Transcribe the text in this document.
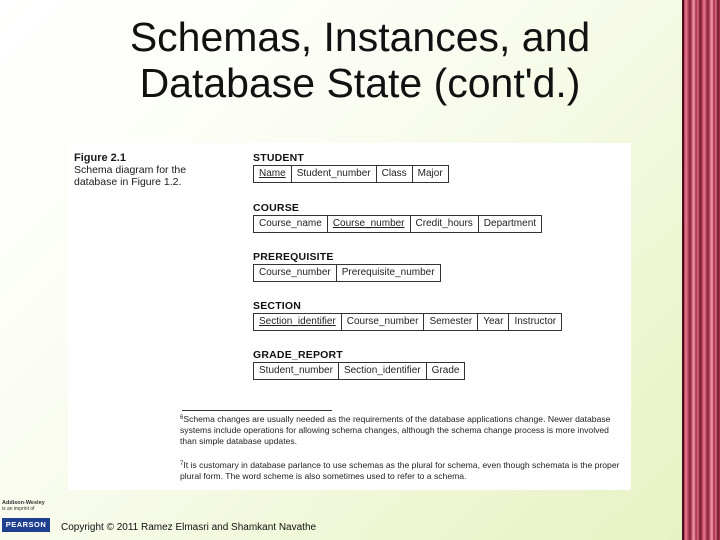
Schemas, Instances, and
Database State (cont'd.)
Figure 2.1
Schema diagram for the
database in Figure 1.2.
STUDENT
Name	Student_number	Class	Major
COURSE
Course_name	Course_number	Credit_hours	Department
PREREQUISITE
Course_number	Prerequisite_number
SECTION
Section_identifier	Course_number	Semester	Year	Instructor
GRADE_REPORT
Student_number	Section_identifier	Grade
$^6$Schema changes are usually needed as the requirements of the database applications change. Newer database systems include operations for allowing schema changes, although the schema change process is more involved than simple database updates.
$^7$It is customary in database parlance to use schemas as the plural for schema, even though schemata is the proper plural form. The word scheme is also sometimes used to refer to a schema.
Addison-Wesley
is an imprint of
PEARSON	Copyright © 2011 Ramez Elmasri and Shamkant Navathe
